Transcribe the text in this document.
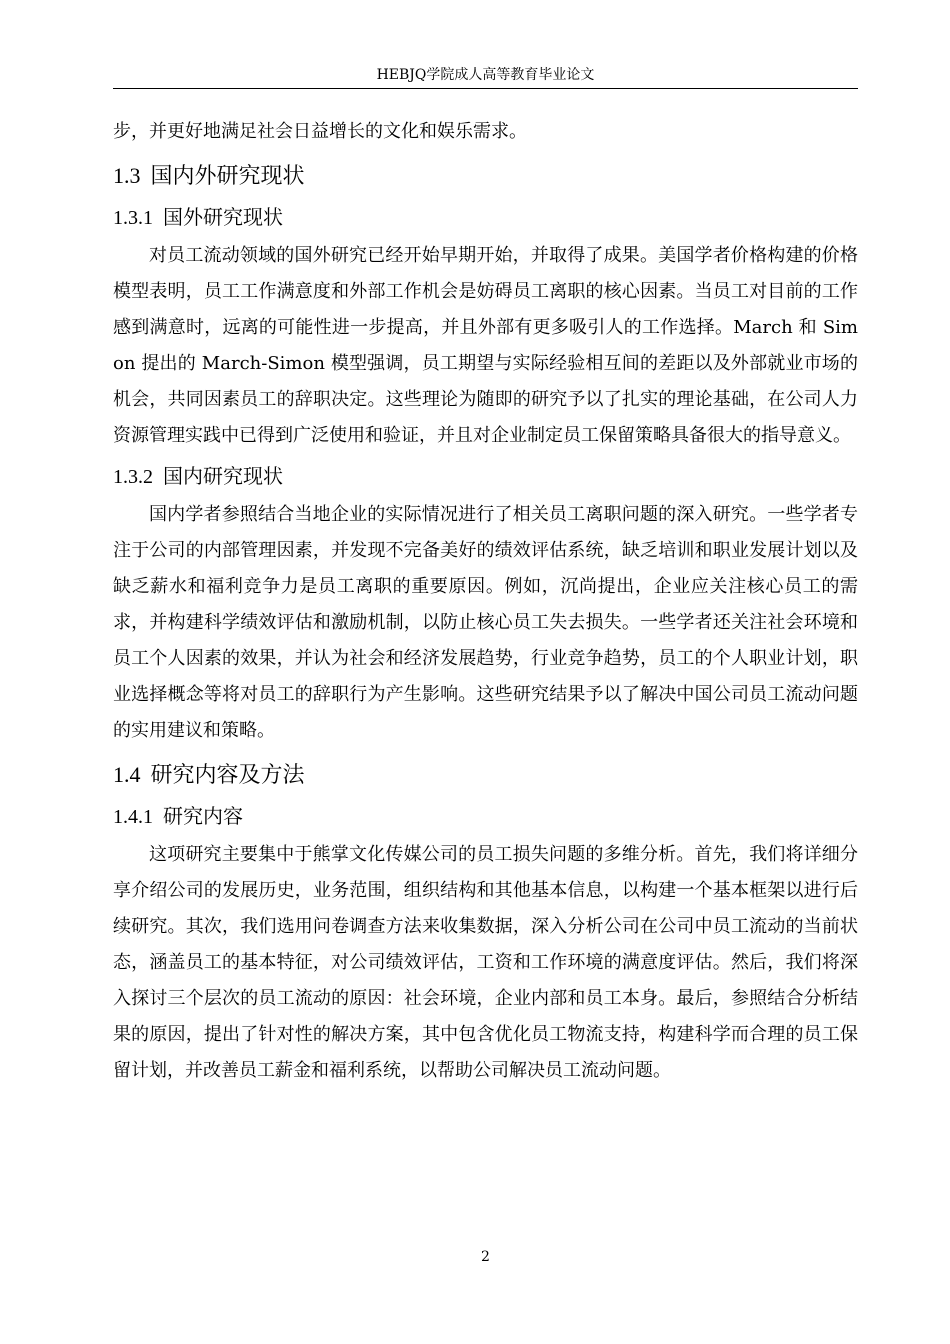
HEBJQ学院成人高等教育毕业论文

步，并更好地满足社会日益增长的文化和娱乐需求。

1.3 国内外研究现状
1.3.1 国外研究现状

对员工流动领域的国外研究已经开始早期开始，并取得了成果。美国学者价格构建的价格模型表明，员工工作满意度和外部工作机会是妨碍员工离职的核心因素。当员工对目前的工作感到满意时，远离的可能性进一步提高，并且外部有更多吸引人的工作选择。March 和 Simon 提出的 March-Simon 模型强调，员工期望与实际经验相互间的差距以及外部就业市场的机会，共同因素员工的辞职决定。这些理论为随即的研究予以了扎实的理论基础，在公司人力资源管理实践中已得到广泛使用和验证，并且对企业制定员工保留策略具备很大的指导意义。

1.3.2 国内研究现状

国内学者参照结合当地企业的实际情况进行了相关员工离职问题的深入研究。一些学者专注于公司的内部管理因素，并发现不完备美好的绩效评估系统，缺乏培训和职业发展计划以及缺乏薪水和福利竞争力是员工离职的重要原因。例如，沉尚提出，企业应关注核心员工的需求，并构建科学绩效评估和激励机制，以防止核心员工失去损失。一些学者还关注社会环境和员工个人因素的效果，并认为社会和经济发展趋势，行业竞争趋势，员工的个人职业计划，职业选择概念等将对员工的辞职行为产生影响。这些研究结果予以了解决中国公司员工流动问题的实用建议和策略。

1.4 研究内容及方法
1.4.1 研究内容

这项研究主要集中于熊掌文化传媒公司的员工损失问题的多维分析。首先，我们将详细分享介绍公司的发展历史，业务范围，组织结构和其他基本信息，以构建一个基本框架以进行后续研究。其次，我们选用问卷调查方法来收集数据，深入分析公司在公司中员工流动的当前状态，涵盖员工的基本特征，对公司绩效评估，工资和工作环境的满意度评估。然后，我们将深入探讨三个层次的员工流动的原因：社会环境，企业内部和员工本身。最后，参照结合分析结果的原因，提出了针对性的解决方案，其中包含优化员工物流支持，构建科学而合理的员工保留计划，并改善员工薪金和福利系统，以帮助公司解决员工流动问题。

2
